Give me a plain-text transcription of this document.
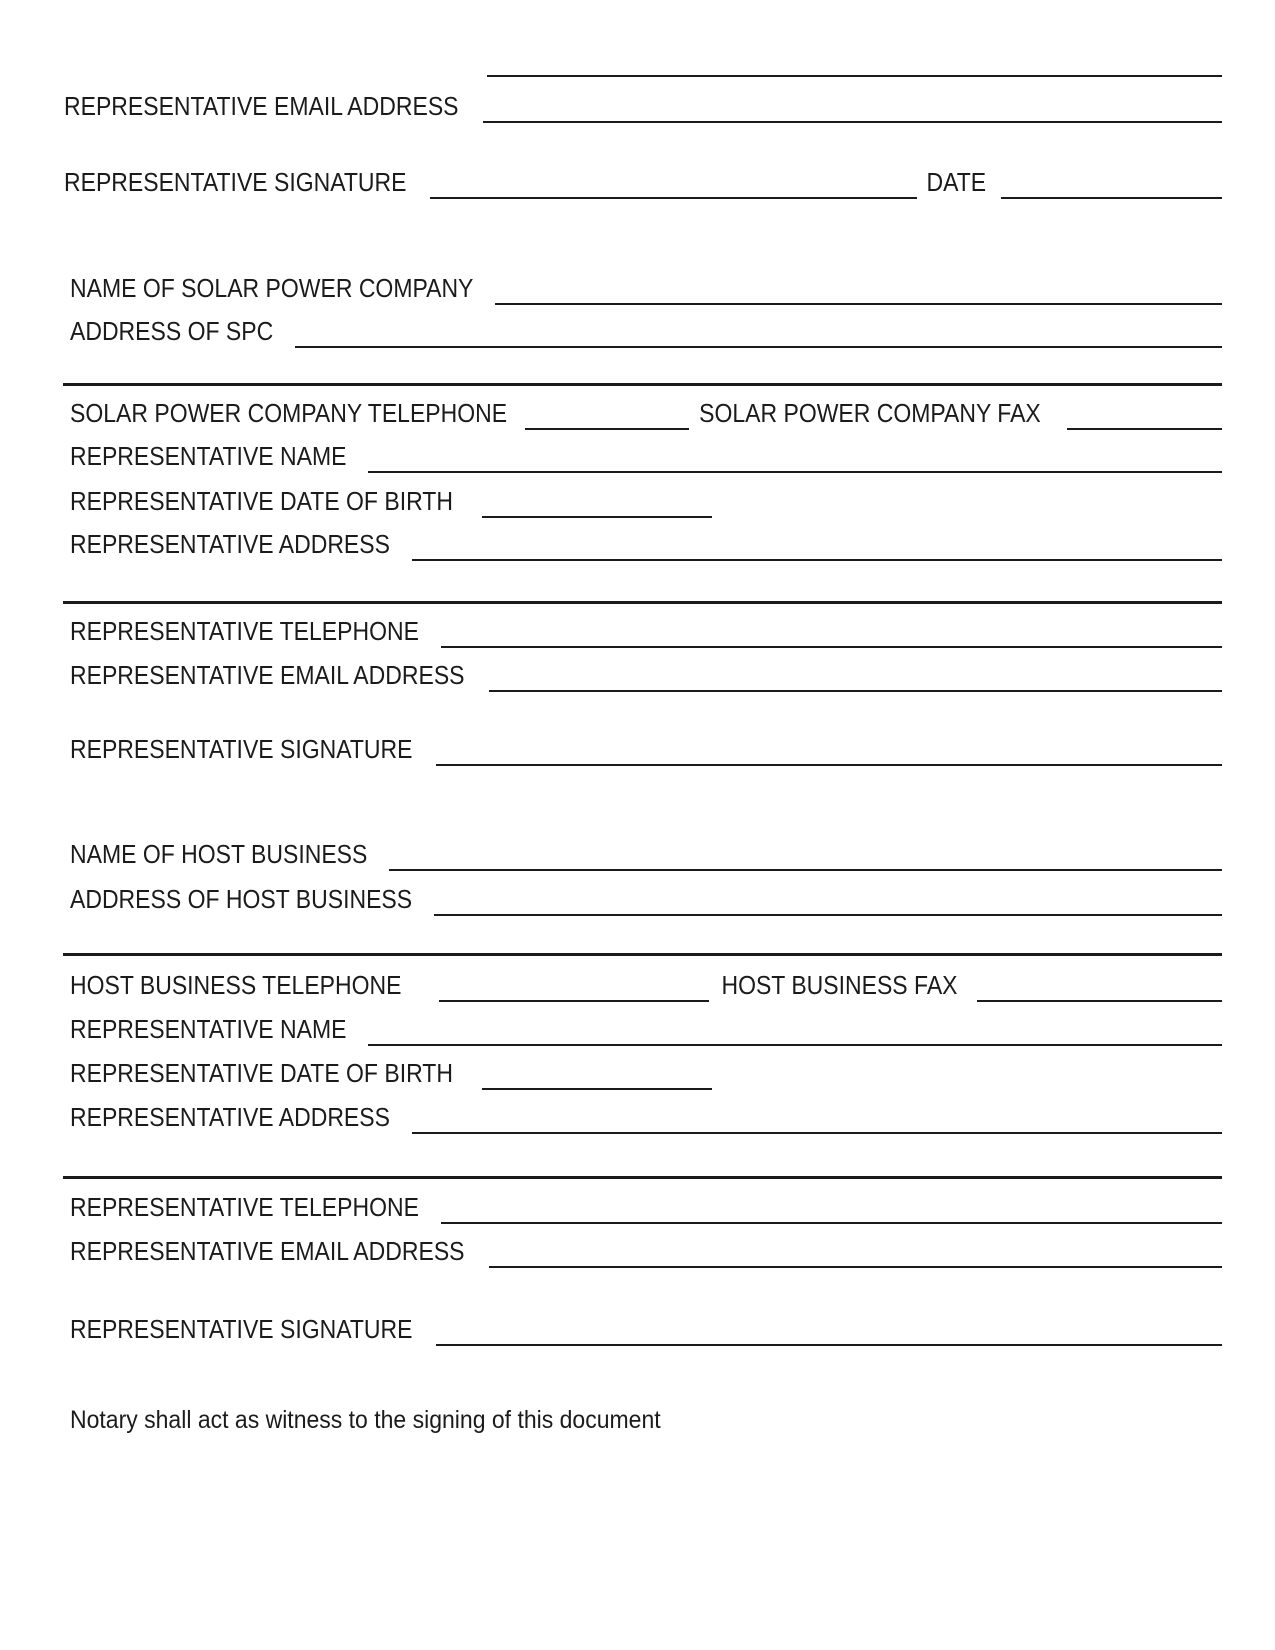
REPRESENTATIVE EMAIL ADDRESS
REPRESENTATIVE SIGNATURE	DATE
NAME OF SOLAR POWER COMPANY
ADDRESS OF SPC
SOLAR POWER COMPANY TELEPHONE	SOLAR POWER COMPANY FAX
REPRESENTATIVE NAME
REPRESENTATIVE DATE OF BIRTH
REPRESENTATIVE ADDRESS
REPRESENTATIVE TELEPHONE
REPRESENTATIVE EMAIL ADDRESS
REPRESENTATIVE SIGNATURE
NAME OF HOST BUSINESS
ADDRESS OF HOST BUSINESS
HOST BUSINESS TELEPHONE	HOST BUSINESS FAX
REPRESENTATIVE NAME
REPRESENTATIVE DATE OF BIRTH
REPRESENTATIVE ADDRESS
REPRESENTATIVE TELEPHONE
REPRESENTATIVE EMAIL ADDRESS
REPRESENTATIVE SIGNATURE
Notary shall act as witness to the signing of this document
